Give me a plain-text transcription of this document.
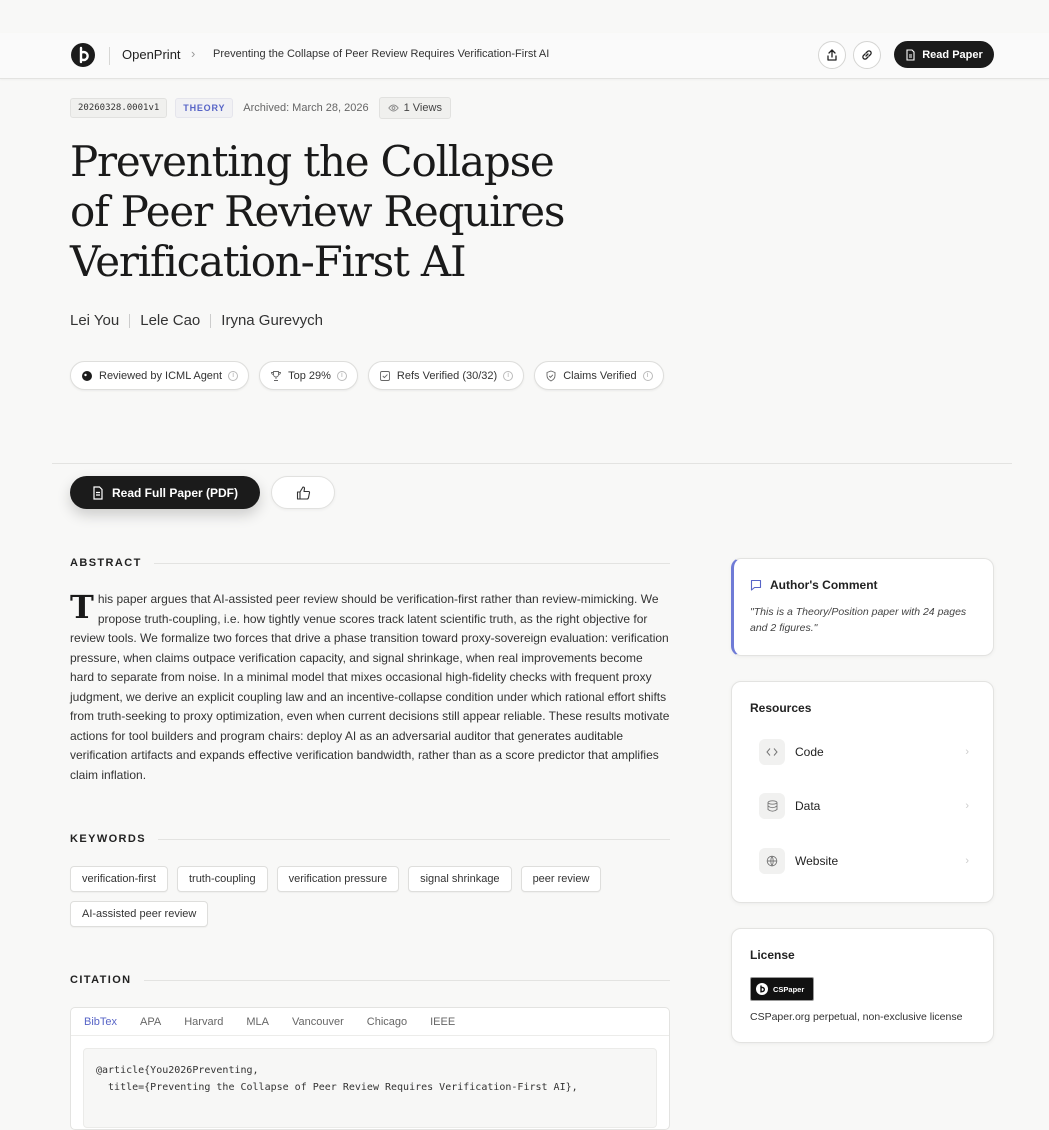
OpenPrint › Preventing the Collapse of Peer Review Requires Verification-First AI	Read Paper
20260328.0001v1	THEORY	Archived: March 28, 2026	1 Views
Preventing the Collapse of Peer Review Requires Verification-First AI
Lei You Lele Cao Iryna Gurevych
Reviewed by ICML Agent	i	Top 29%	i	Refs Verified (30/32)	i	Claims Verified	i
Read Full Paper (PDF)
ABSTRACT
This paper argues that AI-assisted peer review should be verification-first rather than review-mimicking. We propose truth-coupling, i.e. how tightly venue scores track latent scientific truth, as the right objective for review tools. We formalize two forces that drive a phase transition toward proxy-sovereign evaluation: verification pressure, when claims outpace verification capacity, and signal shrinkage, when real improvements become hard to separate from noise. In a minimal model that mixes occasional high-fidelity checks with frequent proxy judgment, we derive an explicit coupling law and an incentive-collapse condition under which rational effort shifts from truth-seeking to proxy optimization, even when current decisions still appear reliable. These results motivate actions for tool builders and program chairs: deploy AI as an adversarial auditor that generates auditable verification artifacts and expands effective verification bandwidth, rather than as a score predictor that amplifies claim inflation.
KEYWORDS
verification-first	truth-coupling	verification pressure	signal shrinkage	peer review
AI-assisted peer review
CITATION
BibTex APA Harvard MLA Vancouver Chicago IEEE
@article{You2026Preventing,
title={Preventing the Collapse of Peer Review Requires Verification-First AI},
Author's Comment
"This is a Theory/Position paper with 24 pages and 2 figures."
Resources
Code	›
Data	›
Website	›
License
CSPaper
CSPaper.org perpetual, non-exclusive license
